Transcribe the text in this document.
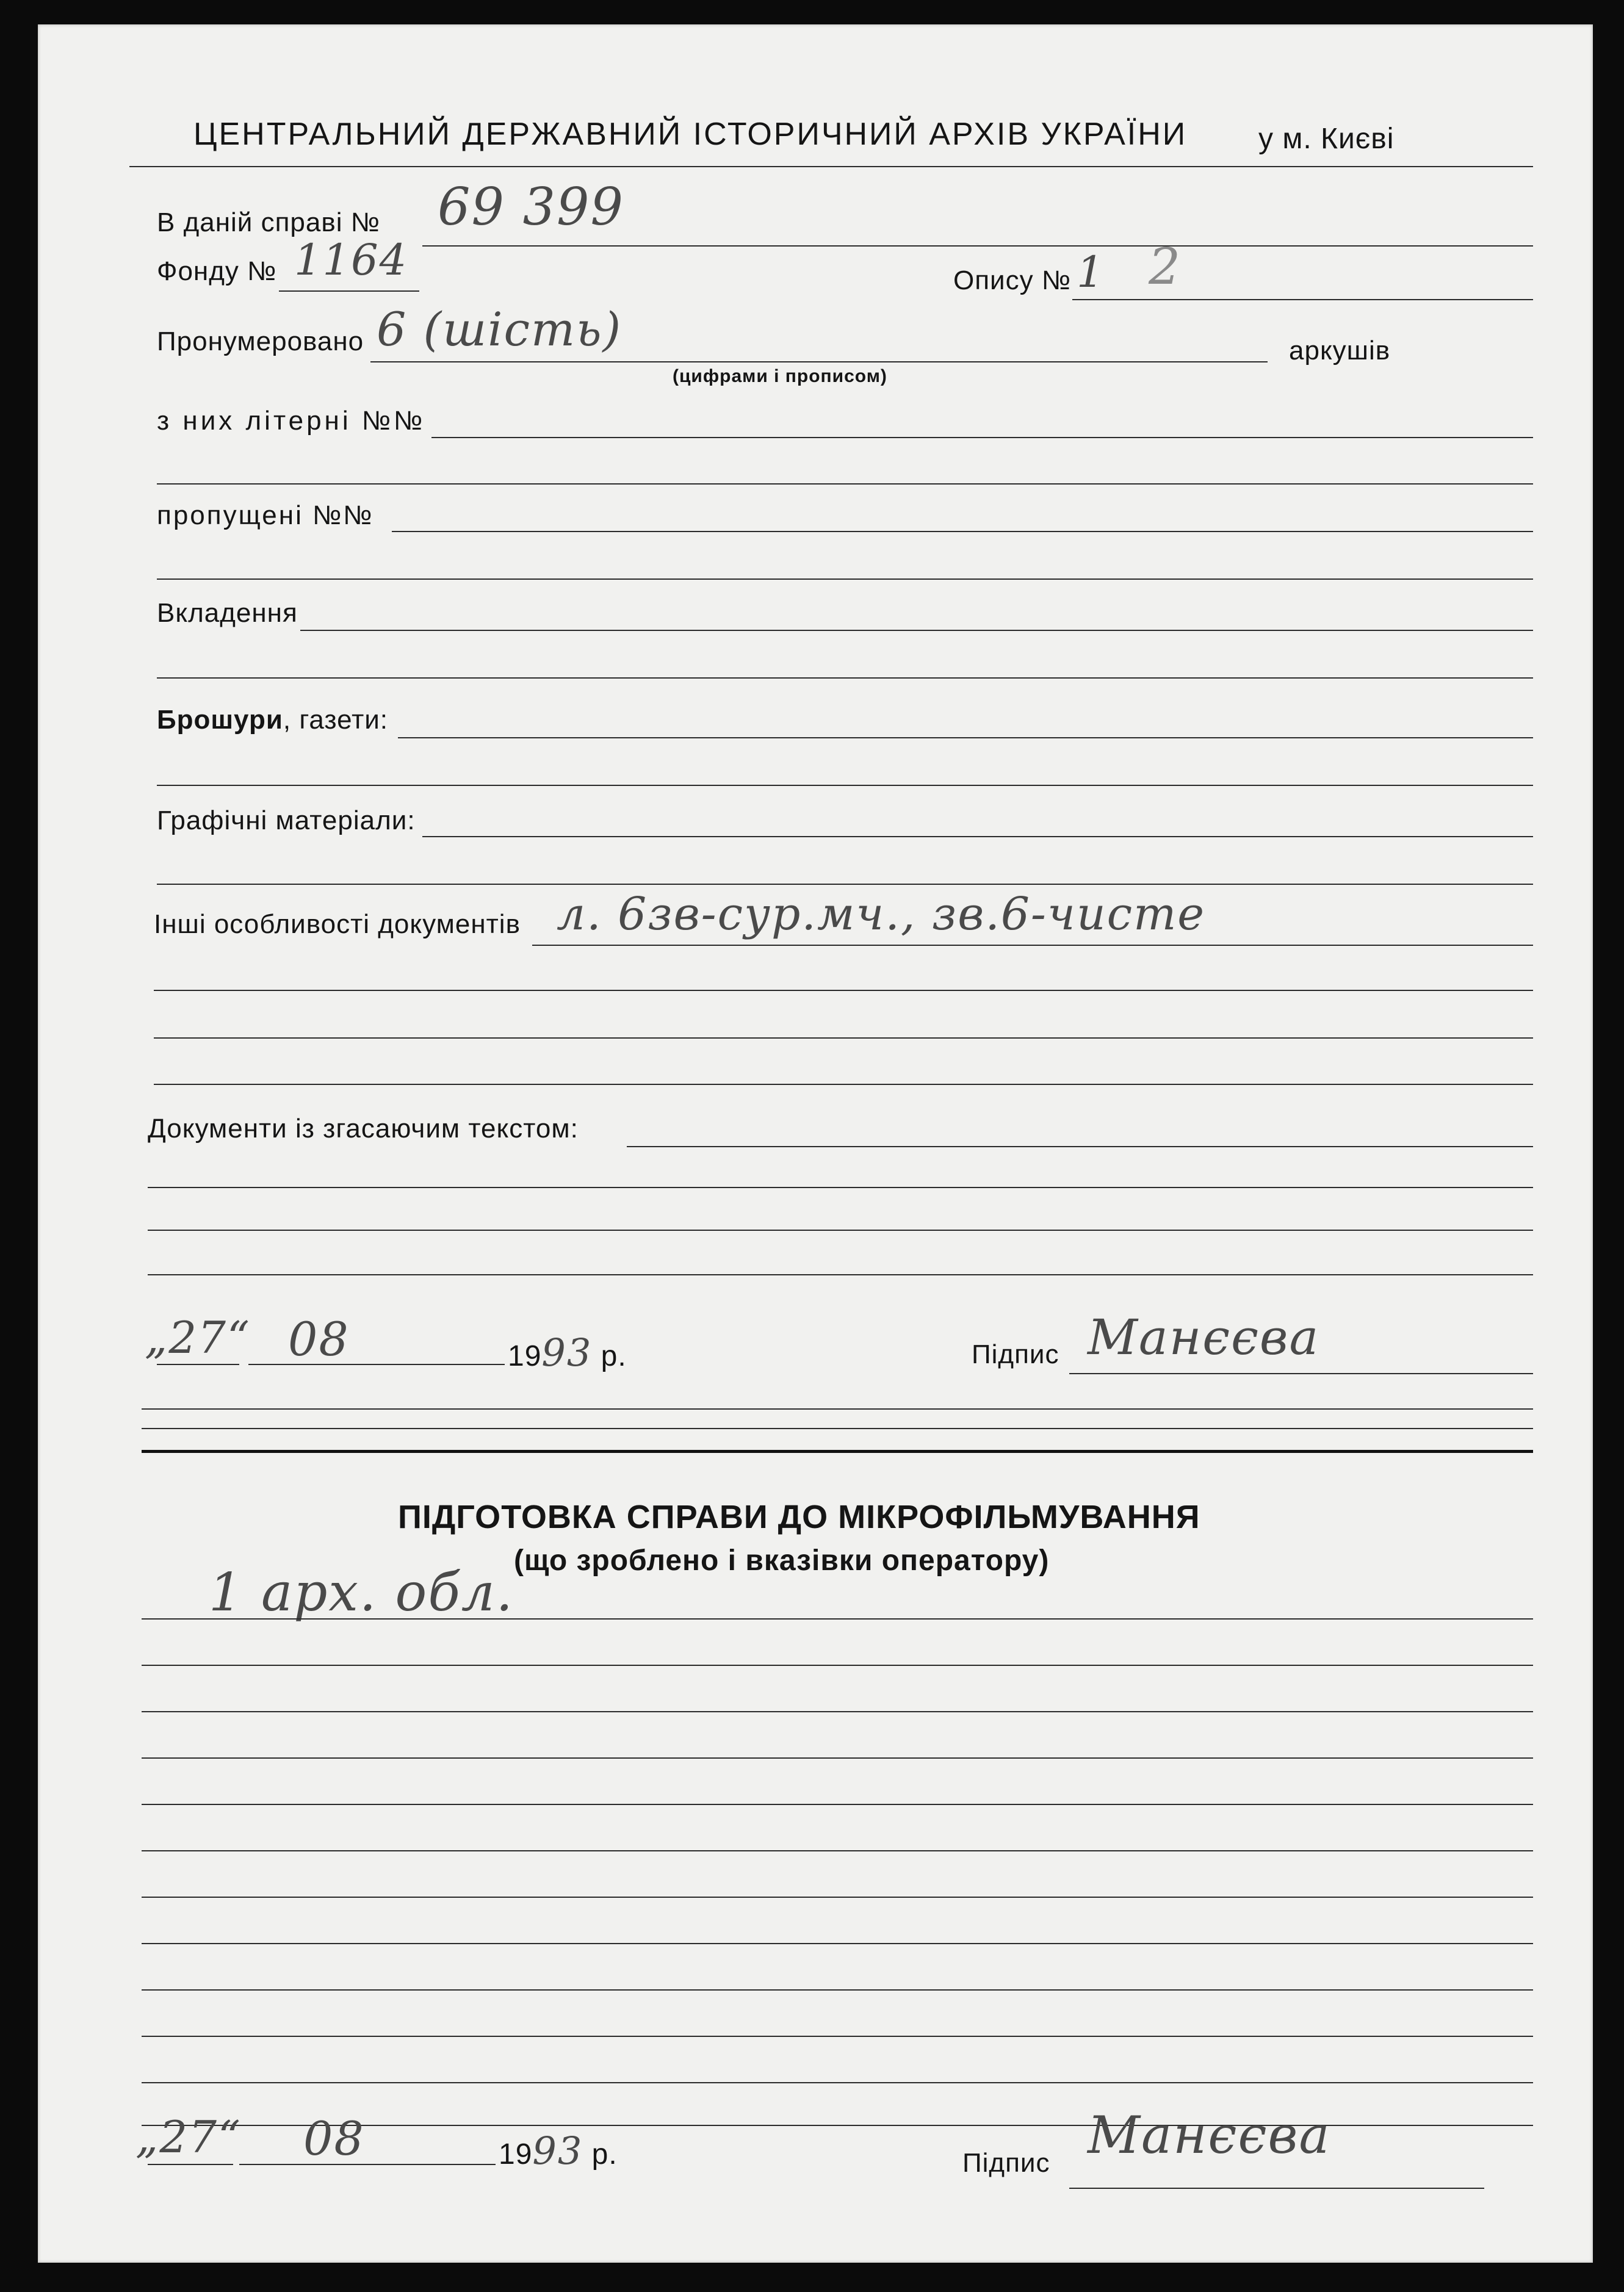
ЦЕНТРАЛЬНИЙ ДЕРЖАВНИЙ ІСТОРИЧНИЙ АРХІВ УКРАЇНИ у м. Києві
В даній справі № 69 399
Фонду № 1164	Опису № 1 2
Пронумеровано 6 (шість)
(цифрами і прописом)
аркушів
з них літерні №№
пропущені №№
Вкладення
Брошури, газети:
Графічні матеріали:
Інші особливості документів л. 6зв-сур.мч., зв.6-чисте
Документи із згасаючим текстом:
„27“ 08	1993 р.	Підпис Манєєва
ПІДГОТОВКА СПРАВИ ДО МІКРОФІЛЬМУВАННЯ
(що зроблено і вказівки оператору)
1 арх. обл.
„27“ 08	1993 р.	Підпис Манєєва
